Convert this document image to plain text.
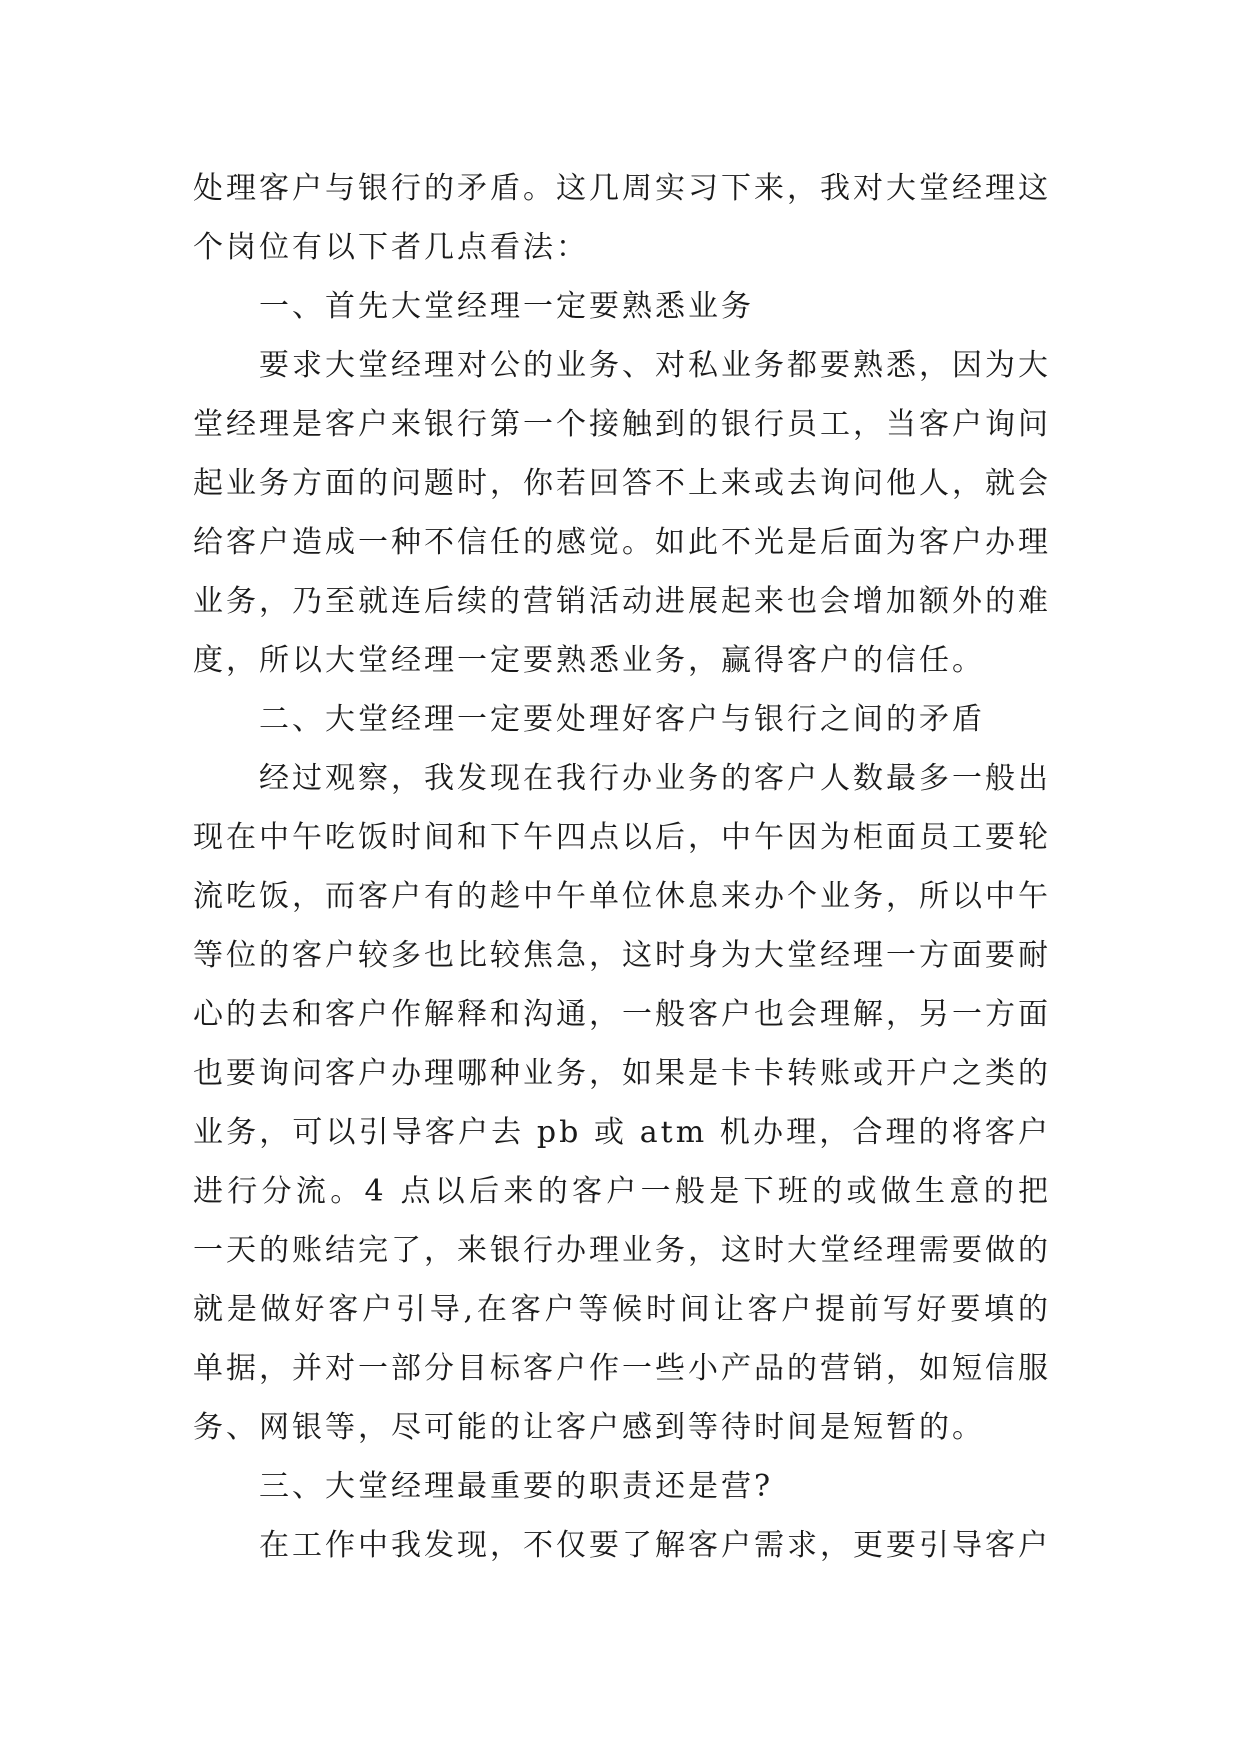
处理客户与银行的矛盾。这几周实习下来，我对大堂经理这个岗位有以下者几点看法：

一、首先大堂经理一定要熟悉业务

要求大堂经理对公的业务、对私业务都要熟悉，因为大堂经理是客户来银行第一个接触到的银行员工，当客户询问起业务方面的问题时，你若回答不上来或去询问他人，就会给客户造成一种不信任的感觉。如此不光是后面为客户办理业务，乃至就连后续的营销活动进展起来也会增加额外的难度，所以大堂经理一定要熟悉业务，赢得客户的信任。

二、大堂经理一定要处理好客户与银行之间的矛盾

经过观察，我发现在我行办业务的客户人数最多一般出现在中午吃饭时间和下午四点以后，中午因为柜面员工要轮流吃饭，而客户有的趁中午单位休息来办个业务，所以中午等位的客户较多也比较焦急，这时身为大堂经理一方面要耐心的去和客户作解释和沟通，一般客户也会理解，另一方面也要询问客户办理哪种业务，如果是卡卡转账或开户之类的业务，可以引导客户去 pb 或 atm 机办理，合理的将客户进行分流。4 点以后来的客户一般是下班的或做生意的把一天的账结完了，来银行办理业务，这时大堂经理需要做的就是做好客户引导,在客户等候时间让客户提前写好要填的单据，并对一部分目标客户作一些小产品的营销，如短信服务、网银等，尽可能的让客户感到等待时间是短暂的。

三、大堂经理最重要的职责还是营?

在工作中我发现，不仅要了解客户需求，更要引导客户
